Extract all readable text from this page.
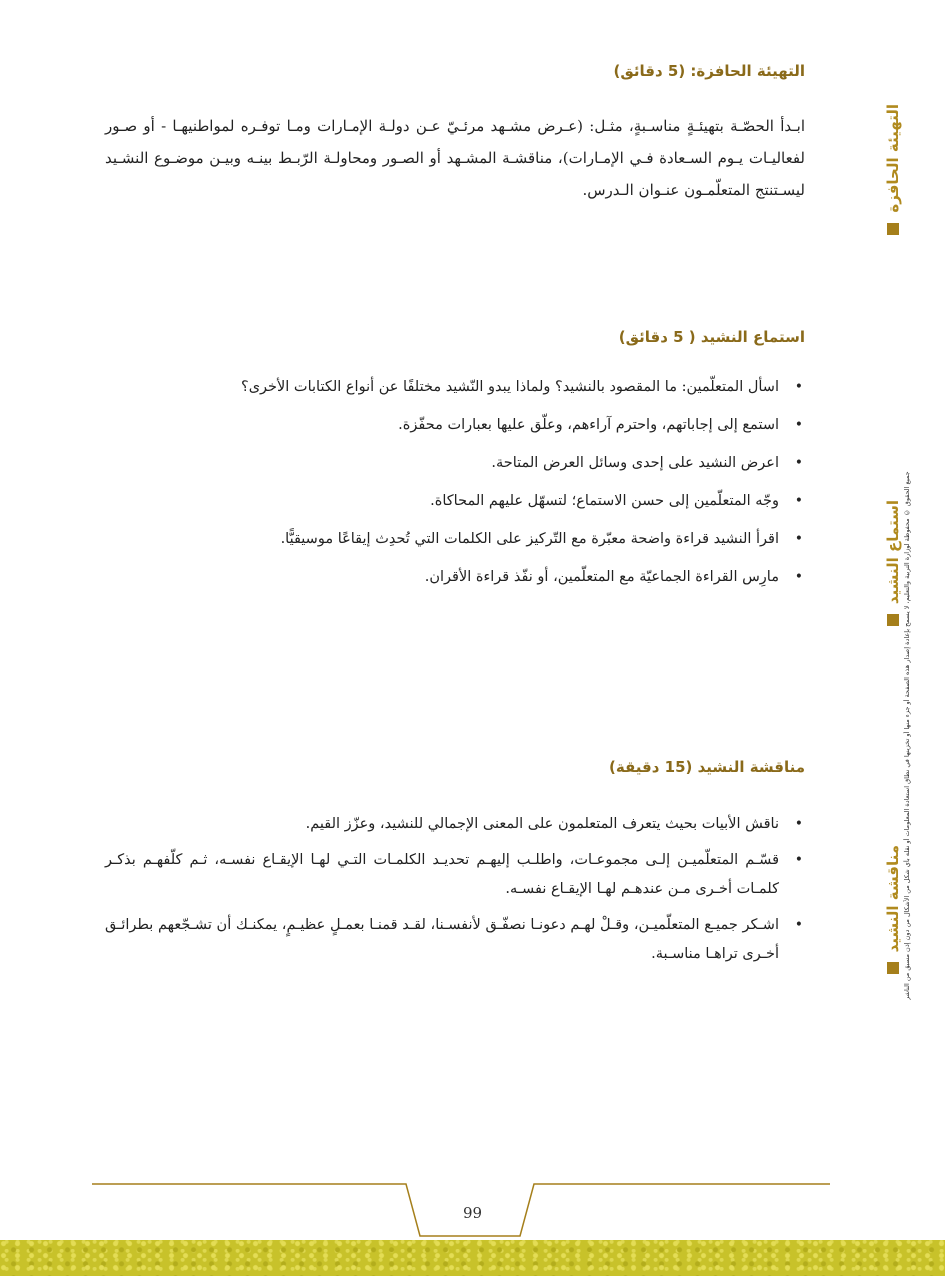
التهيئة الحافزة
استماع النشيد
مناقشة النشيد جميع الحقوق © محفوظة لوزارة التربية والتعليم، لا يسمح بإعادة إصدار هذه الصفحة أو جزء منها أو تخزينها في نطاق استعادة المعلومات أو نقله بأي شكل من الأشكال من دون إذن مسبق من الناشر
التهيئة الحافزة: (5 دقائق)

ابـدأ الحصّـة بتهيئـةٍ مناسـبةٍ، مثـل: (عـرض مشـهد مرئـيّ عـن دولـة الإمـارات ومـا توفـره لمواطنيهـا - أو صـور لفعاليـات يـوم السـعادة فـي الإمـارات)، مناقشـة المشـهد أو الصـور ومحاولـة الرّبـط بينـه وبيـن موضـوع النشـيد ليسـتنتج المتعلّمـون عنـوان الـدرس.

استماع النشيد ( 5 دقائق)
•
اسأل المتعلّمين: ما المقصود بالنشيد؟ ولماذا يبدو النّشيد مختلفًا عن أنواع الكتابات الأخرى؟
•
استمع إلى إجاباتهم، واحترم آراءهم، وعلّق عليها بعبارات محفّزة.
•
اعرض النشيد على إحدى وسائل العرض المتاحة.
•
وجّه المتعلّمين إلى حسن الاستماع؛ لتسهّل عليهم المحاكاة.
•
اقرأ النشيد قراءة واضحة معبّرة مع التّركيز على الكلمات التي تُحدِث إيقاعًا موسيقيًّا.
•
مارِس القراءة الجماعيّة مع المتعلّمين، أو نفّذ قراءة الأقران.
مناقشة النشيد (15 دقيقة)
•
ناقش الأبيات بحيث يتعرف المتعلمون على المعنى الإجمالي للنشيد، وعزّز القيم.
•
قسّـم المتعلّميـن إلـى مجموعـات، واطلـب إليهـم تحديـد الكلمـات التـي لهـا الإيقـاع نفسـه، ثـم كلّفهـم بذكـر كلمـات أخـرى مـن عندهـم لهـا الإيقـاع نفسـه.
•
اشـكر جميـع المتعلّميـن، وقـلْ لهـم دعونـا نصفّـق لأنفسـنا، لقـد قمنـا بعمـلٍ عظيـمٍ، يمكنـك أن تشـجّعهم بطرائـق أخـرى تراهـا مناسـبة.
99
